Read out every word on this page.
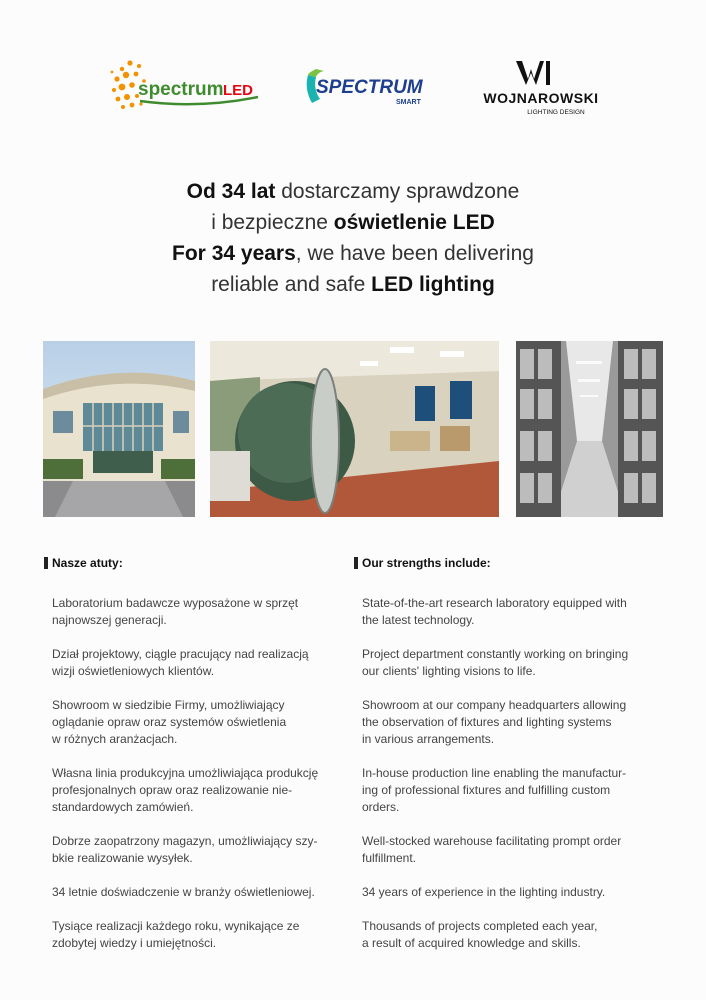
spectrum LED	SPECTRUM
SMART	WOJNAROWSKI
LIGHTING DESIGN
Od 34 lat dostarczamy sprawdzone
i bezpieczne oświetlenie LED
For 34 years, we have been delivering
reliable and safe LED lighting
Nasze atuty:
Laboratorium badawcze wyposażone w sprzęt
najnowszej generacji.
Dział projektowy, ciągle pracujący nad realizacją
wizji oświetleniowych klientów.
Showroom w siedzibie Firmy, umożliwiający
oglądanie opraw oraz systemów oświetlenia
w różnych aranżacjach.
Własna linia produkcyjna umożliwiająca produkcję
profesjonalnych opraw oraz realizowanie nie-
standardowych zamówień.
Dobrze zaopatrzony magazyn, umożliwiający szy-
bkie realizowanie wysyłek.
34 letnie doświadczenie w branży oświetleniowej.
Tysiące realizacji każdego roku, wynikające ze
zdobytej wiedzy i umiejętności.
Our strengths include:
State-of-the-art research laboratory equipped with
the latest technology.
Project department constantly working on bringing
our clients' lighting visions to life.
Showroom at our company headquarters allowing
the observation of fixtures and lighting systems
in various arrangements.
In-house production line enabling the manufactur-
ing of professional fixtures and fulfilling custom
orders.
Well-stocked warehouse facilitating prompt order
fulfillment.
34 years of experience in the lighting industry.
Thousands of projects completed each year,
a result of acquired knowledge and skills.
